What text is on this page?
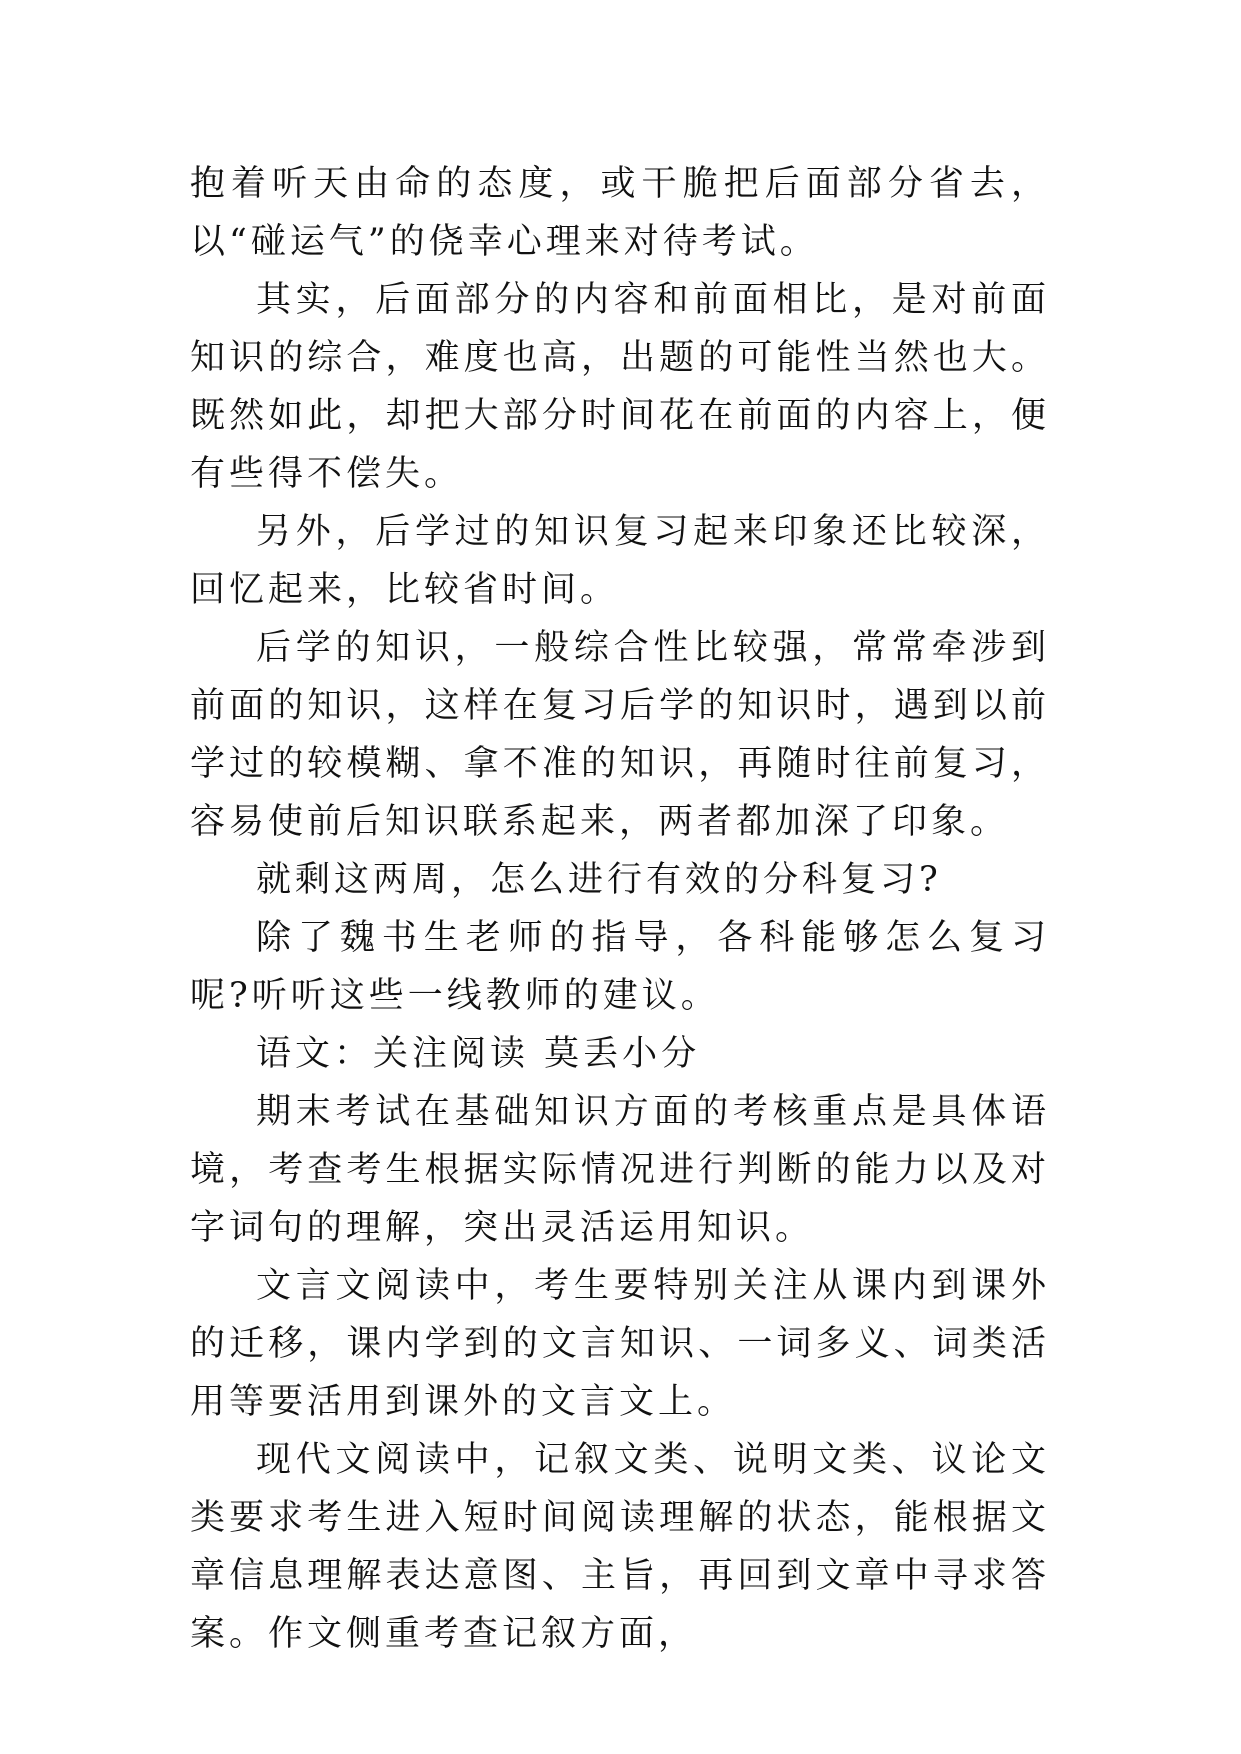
抱着听天由命的态度，或干脆把后面部分省去，以“碰运气”的侥幸心理来对待考试。

其实，后面部分的内容和前面相比，是对前面知识的综合，难度也高，出题的可能性当然也大。既然如此，却把大部分时间花在前面的内容上，便有些得不偿失。

另外，后学过的知识复习起来印象还比较深，回忆起来，比较省时间。

后学的知识，一般综合性比较强，常常牵涉到前面的知识，这样在复习后学的知识时，遇到以前学过的较模糊、拿不准的知识，再随时往前复习，容易使前后知识联系起来，两者都加深了印象。

就剩这两周，怎么进行有效的分科复习?

除了魏书生老师的指导，各科能够怎么复习呢?听听这些一线教师的建议。

语文：关注阅读 莫丢小分

期末考试在基础知识方面的考核重点是具体语境，考查考生根据实际情况进行判断的能力以及对字词句的理解，突出灵活运用知识。

文言文阅读中，考生要特别关注从课内到课外的迁移，课内学到的文言知识、一词多义、词类活用等要活用到课外的文言文上。

现代文阅读中，记叙文类、说明文类、议论文类要求考生进入短时间阅读理解的状态，能根据文章信息理解表达意图、主旨，再回到文章中寻求答案。作文侧重考查记叙方面，
